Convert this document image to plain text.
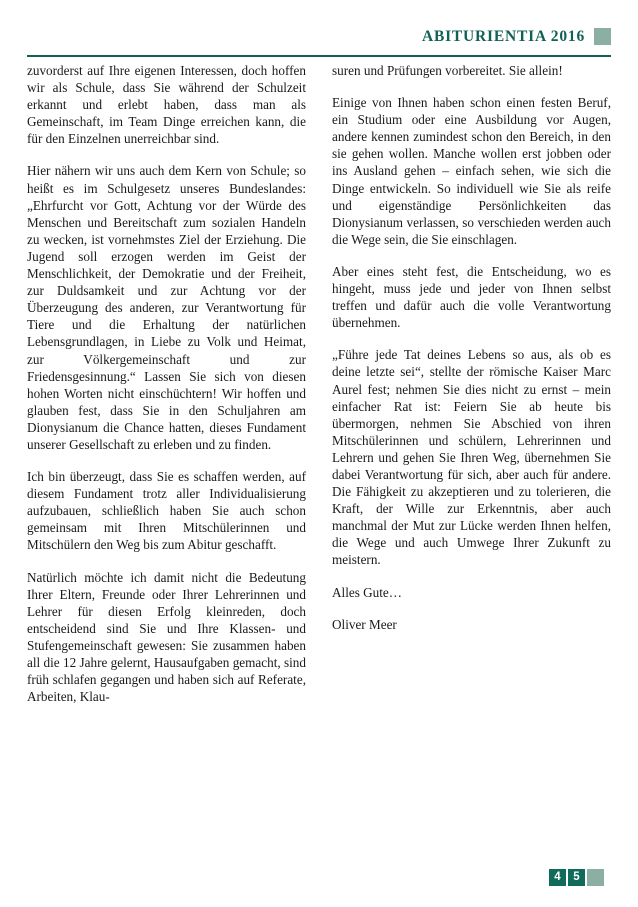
ABITURIENTIA 2016

zuvorderst auf Ihre eigenen Interessen, doch hoffen wir als Schule, dass Sie während der Schulzeit erkannt und erlebt haben, dass man als Gemeinschaft, im Team Dinge erreichen kann, die für den Einzelnen unerreichbar sind.

Hier nähern wir uns auch dem Kern von Schule; so heißt es im Schulgesetz unseres Bundeslandes: „Ehrfurcht vor Gott, Achtung vor der Würde des Menschen und Bereitschaft zum sozialen Handeln zu wecken, ist vornehmstes Ziel der Erziehung. Die Jugend soll erzogen werden im Geist der Menschlichkeit, der Demokratie und der Freiheit, zur Duldsamkeit und zur Achtung vor der Überzeugung des anderen, zur Verantwortung für Tiere und die Erhaltung der natürlichen Lebensgrundlagen, in Liebe zu Volk und Heimat, zur Völkergemeinschaft und zur Friedensgesinnung.“ Lassen Sie sich von diesen hohen Worten nicht einschüchtern! Wir hoffen und glauben fest, dass Sie in den Schuljahren am Dionysianum die Chance hatten, dieses Fundament unserer Gesellschaft zu erleben und zu finden.

Ich bin überzeugt, dass Sie es schaffen werden, auf diesem Fundament trotz aller Individualisierung aufzubauen, schließlich haben Sie auch schon gemeinsam mit Ihren Mitschülerinnen und Mitschülern den Weg bis zum Abitur geschafft.

Natürlich möchte ich damit nicht die Bedeutung Ihrer Eltern, Freunde oder Ihrer Lehrerinnen und Lehrer für diesen Erfolg kleinreden, doch entscheidend sind Sie und Ihre Klassen- und Stufengemeinschaft gewesen: Sie zusammen haben all die 12 Jahre gelernt, Hausaufgaben gemacht, sind früh schlafen gegangen und haben sich auf Referate, Arbeiten, Klau-

suren und Prüfungen vorbereitet. Sie allein!

Einige von Ihnen haben schon einen festen Beruf, ein Studium oder eine Ausbildung vor Augen, andere kennen zumindest schon den Bereich, in den sie gehen wollen. Manche wollen erst jobben oder ins Ausland gehen – einfach sehen, wie sich die Dinge entwickeln. So individuell wie Sie als reife und eigenständige Persönlichkeiten das Dionysianum verlassen, so verschieden werden auch die Wege sein, die Sie einschlagen.

Aber eines steht fest, die Entscheidung, wo es hingeht, muss jede und jeder von Ihnen selbst treffen und dafür auch die volle Verantwortung übernehmen.

„Führe jede Tat deines Lebens so aus, als ob es deine letzte sei“, stellte der römische Kaiser Marc Aurel fest; nehmen Sie dies nicht zu ernst – mein einfacher Rat ist: Feiern Sie ab heute bis übermorgen, nehmen Sie Abschied von ihren Mitschülerinnen und schülern, Lehrerinnen und Lehrern und gehen Sie Ihren Weg, übernehmen Sie dabei Verantwortung für sich, aber auch für andere. Die Fähigkeit zu akzeptieren und zu tolerieren, die Kraft, der Wille zur Erkenntnis, aber auch manchmal der Mut zur Lücke werden Ihnen helfen, die Wege und auch Umwege Ihrer Zukunft zu meistern.

Alles Gute…

Oliver Meer

4	5
